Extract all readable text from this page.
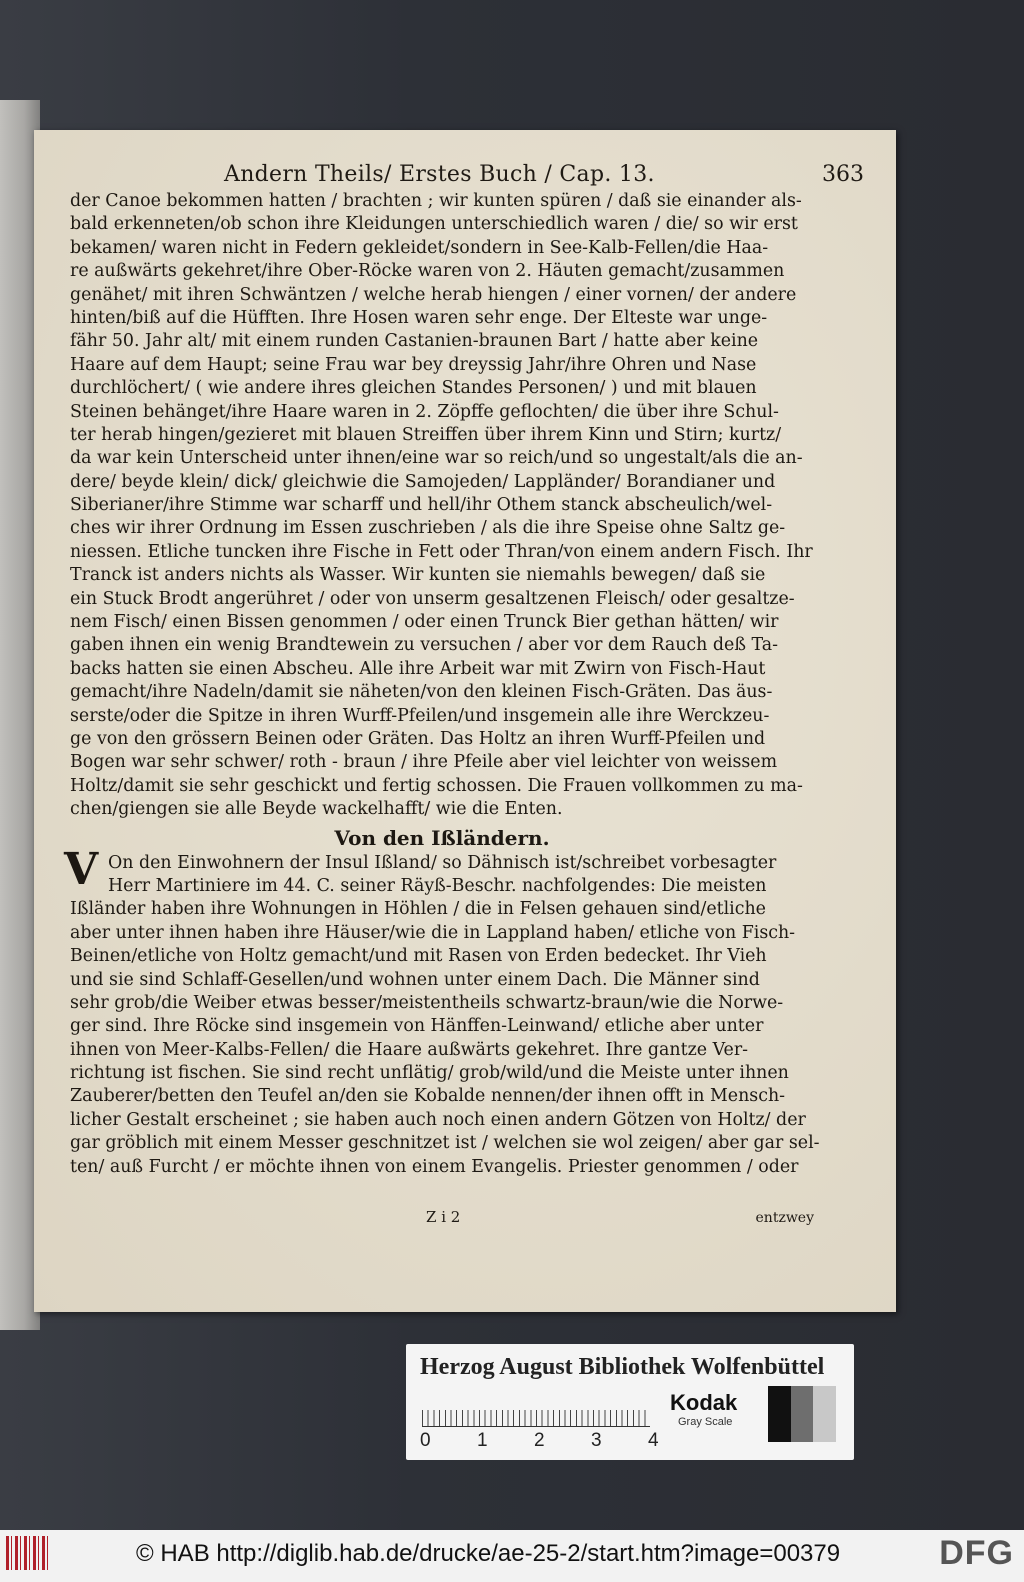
Andern Theils/ Erstes Buch / Cap. 13.	363
der Canoe bekommen hatten / brachten ; wir kunten spüren / daß sie einander als-
bald erkenneten/ob schon ihre Kleidungen unterschiedlich waren / die/ so wir erst
bekamen/ waren nicht in Federn gekleidet/sondern in See-Kalb-Fellen/die Haa-
re außwärts gekehret/ihre Ober-Röcke waren von 2. Häuten gemacht/zusammen
genähet/ mit ihren Schwäntzen / welche herab hiengen / einer vornen/ der andere
hinten/biß auf die Hüfften. Ihre Hosen waren sehr enge. Der Elteste war unge-
fähr 50. Jahr alt/ mit einem runden Castanien-braunen Bart / hatte aber keine
Haare auf dem Haupt; seine Frau war bey dreyssig Jahr/ihre Ohren und Nase
durchlöchert/ ( wie andere ihres gleichen Standes Personen/ ) und mit blauen
Steinen behänget/ihre Haare waren in 2. Zöpffe geflochten/ die über ihre Schul-
ter herab hingen/gezieret mit blauen Streiffen über ihrem Kinn und Stirn; kurtz/
da war kein Unterscheid unter ihnen/eine war so reich/und so ungestalt/als die an-
dere/ beyde klein/ dick/ gleichwie die Samojeden/ Lappländer/ Borandianer und
Siberianer/ihre Stimme war scharff und hell/ihr Othem stanck abscheulich/wel-
ches wir ihrer Ordnung im Essen zuschrieben / als die ihre Speise ohne Saltz ge-
niessen. Etliche tuncken ihre Fische in Fett oder Thran/von einem andern Fisch. Ihr
Tranck ist anders nichts als Wasser. Wir kunten sie niemahls bewegen/ daß sie
ein Stuck Brodt angerühret / oder von unserm gesaltzenen Fleisch/ oder gesaltze-
nem Fisch/ einen Bissen genommen / oder einen Trunck Bier gethan hätten/ wir
gaben ihnen ein wenig Brandtewein zu versuchen / aber vor dem Rauch deß Ta-
backs hatten sie einen Abscheu. Alle ihre Arbeit war mit Zwirn von Fisch-Haut
gemacht/ihre Nadeln/damit sie näheten/von den kleinen Fisch-Gräten. Das äus-
serste/oder die Spitze in ihren Wurff-Pfeilen/und insgemein alle ihre Werckzeu-
ge von den grössern Beinen oder Gräten. Das Holtz an ihren Wurff-Pfeilen und
Bogen war sehr schwer/ roth - braun / ihre Pfeile aber viel leichter von weissem
Holtz/damit sie sehr geschickt und fertig schossen. Die Frauen vollkommen zu ma-
chen/giengen sie alle Beyde wackelhafft/ wie die Enten.
Von den Ißländern.
V On den Einwohnern der Insul Ißland/ so Dähnisch ist/schreibet vorbesagter
Herr Martiniere im 44. C. seiner Räyß-Beschr. nachfolgendes: Die meisten
Ißländer haben ihre Wohnungen in Höhlen / die in Felsen gehauen sind/etliche
aber unter ihnen haben ihre Häuser/wie die in Lappland haben/ etliche von Fisch-
Beinen/etliche von Holtz gemacht/und mit Rasen von Erden bedecket. Ihr Vieh
und sie sind Schlaff-Gesellen/und wohnen unter einem Dach. Die Männer sind
sehr grob/die Weiber etwas besser/meistentheils schwartz-braun/wie die Norwe-
ger sind. Ihre Röcke sind insgemein von Hänffen-Leinwand/ etliche aber unter
ihnen von Meer-Kalbs-Fellen/ die Haare außwärts gekehret. Ihre gantze Ver-
richtung ist fischen. Sie sind recht unflätig/ grob/wild/und die Meiste unter ihnen
Zauberer/betten den Teufel an/den sie Kobalde nennen/der ihnen offt in Mensch-
licher Gestalt erscheinet ; sie haben auch noch einen andern Götzen von Holtz/ der
gar gröblich mit einem Messer geschnitzet ist / welchen sie wol zeigen/ aber gar sel-
ten/ auß Furcht / er möchte ihnen von einem Evangelis. Priester genommen / oder
Z i 2	entzwey
Herzog August Bibliothek Wolfenbüttel
0 1 2 3 4
Kodak
Gray Scale
© HAB http://diglib.hab.de/drucke/ae-25-2/start.htm?image=00379	DFG
